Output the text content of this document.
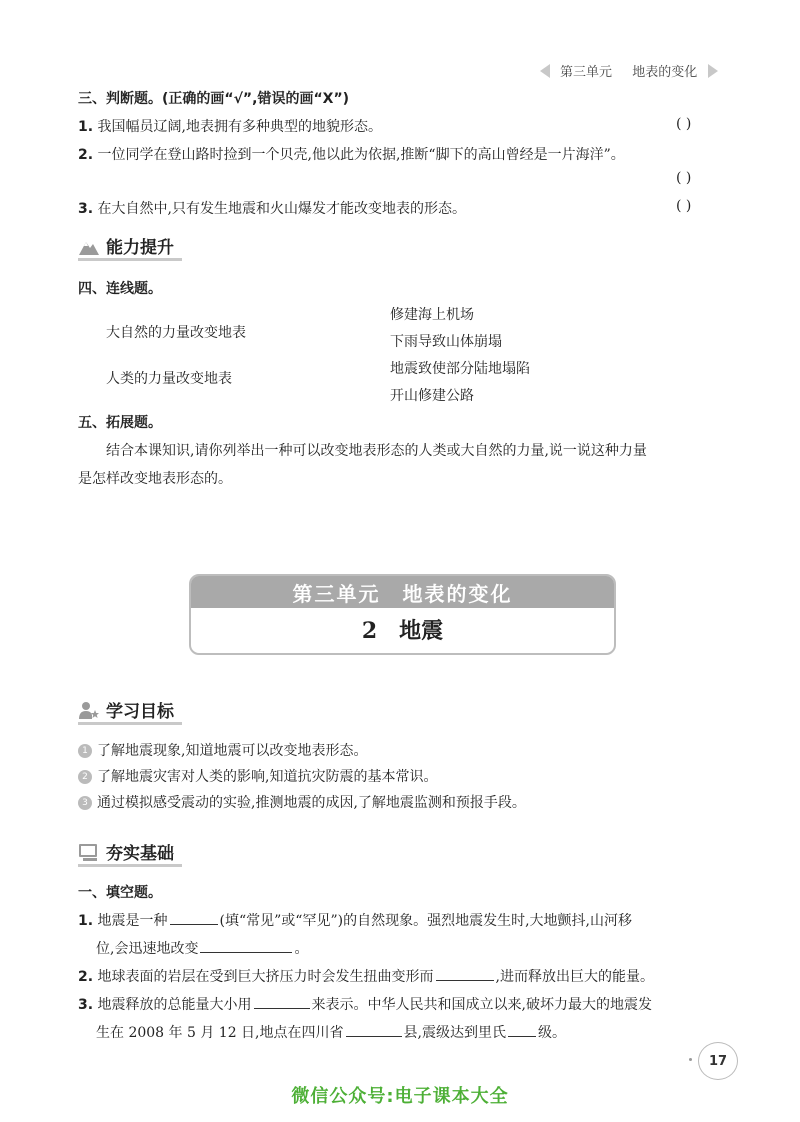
第三单元 地表的变化
三、判断题。(正确的画“√”,错误的画“X”)
1. 我国幅员辽阔,地表拥有多种典型的地貌形态。	( )
2. 一位同学在登山路时捡到一个贝壳,他以此为依据,推断“脚下的高山曾经是一片海洋”。
( )
3. 在大自然中,只有发生地震和火山爆发才能改变地表的形态。	( )
能力提升
四、连线题。
大自然的力量改变地表
人类的力量改变地表
修建海上机场
下雨导致山体崩塌
地震致使部分陆地塌陷
开山修建公路
五、拓展题。
结合本课知识,请你列举出一种可以改变地表形态的人类或大自然的力量,说一说这种力量
是怎样改变地表形态的。
第三单元　地表的变化
2　地震
学习目标
1 了解地震现象,知道地震可以改变地表形态。
2 了解地震灾害对人类的影响,知道抗灾防震的基本常识。
3 通过模拟感受震动的实验,推测地震的成因,了解地震监测和预报手段。
夯实基础
一、填空题。
1. 地震是一种	(填“常见”或“罕见”)的自然现象。强烈地震发生时,大地颤抖,山河移
位,会迅速地改变	。
2. 地球表面的岩层在受到巨大挤压力时会发生扭曲变形而	,进而释放出巨大的能量。
3. 地震释放的总能量大小用	来表示。中华人民共和国成立以来,破坏力最大的地震发
生在 2008 年 5 月 12 日,地点在四川省	县,震级达到里氏 级。
17
微信公众号:电子课本大全
